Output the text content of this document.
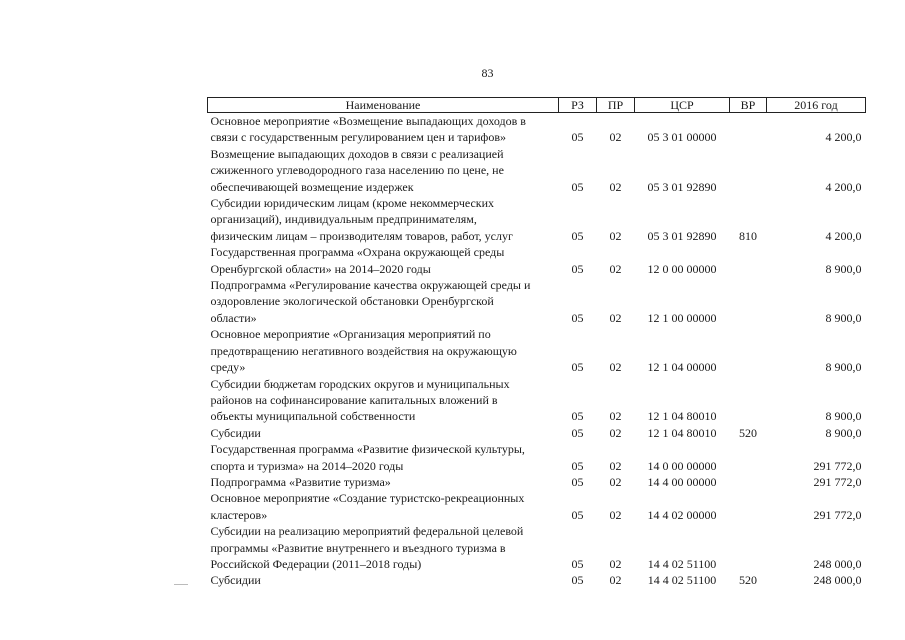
83
Наименование	РЗ	ПР	ЦСР	ВР	2016 год

Основное мероприятие «Возмещение выпадающих доходов в
связи с государственным регулированием цен и тарифов»	05	02	05 3 01 00000		4 200,0

Возмещение выпадающих доходов в связи с реализацией
сжиженного углеводородного газа населению по цене, не
обеспечивающей возмещение издержек	05	02	05 3 01 92890		4 200,0

Субсидии юридическим лицам (кроме некоммерческих
организаций), индивидуальным предпринимателям,
физическим лицам – производителям товаров, работ, услуг	05	02	05 3 01 92890	810	4 200,0

Государственная программа «Охрана окружающей среды
Оренбургской области» на 2014–2020 годы	05	02	12 0 00 00000		8 900,0

Подпрограмма «Регулирование качества окружающей среды и
оздоровление экологической обстановки Оренбургской
области»	05	02	12 1 00 00000		8 900,0

Основное мероприятие «Организация мероприятий по
предотвращению негативного воздействия на окружающую
среду»	05	02	12 1 04 00000		8 900,0

Субсидии бюджетам городских округов и муниципальных
районов на софинансирование капитальных вложений в
объекты муниципальной собственности	05	02	12 1 04 80010		8 900,0

Субсидии	05	02	12 1 04 80010	520	8 900,0

Государственная программа «Развитие физической культуры,
спорта и туризма» на 2014–2020 годы	05	02	14 0 00 00000		291 772,0

Подпрограмма «Развитие туризма»	05	02	14 4 00 00000		291 772,0

Основное мероприятие «Создание туристско-рекреационных
кластеров»	05	02	14 4 02 00000		291 772,0

Субсидии на реализацию мероприятий федеральной целевой
программы «Развитие внутреннего и въездного туризма в
Российской Федерации (2011–2018 годы)	05	02	14 4 02 51100		248 000,0

Субсидии	05	02	14 4 02 51100	520	248 000,0
